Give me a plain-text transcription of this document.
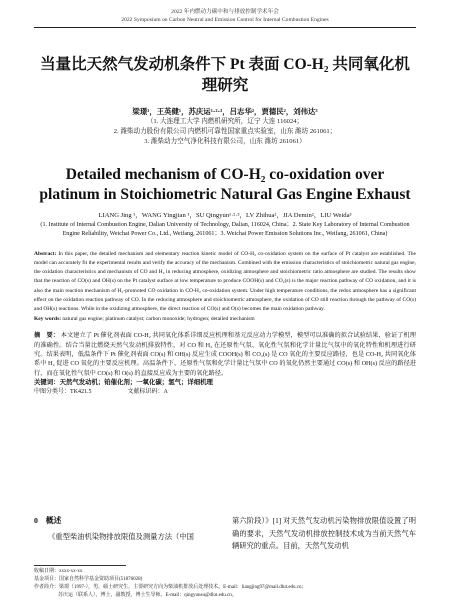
2022 年内燃动力碳中和与排放控制学术年会
2022 Symposium on Carbon Neutral and Emission Control for Internal Combustion Engines
当量比天然气发动机条件下 Pt 表面 CO-H₂ 共同氧化机理研究
梁璟¹，王英健¹，苏庆运¹·²·³，吕志华²，贾德民²，刘伟达³
（1. 大连理工大学 内燃机研究所，辽宁 大连 116024；
2. 潍柴动力股份有限公司 内燃机可靠性国家重点实验室，山东 潍坊 261061；
3. 潍柴动力空气净化科技有限公司，山东 潍坊 261061）
Detailed mechanism of CO-H₂ co-oxidation over platinum in Stoichiometric Natural Gas Engine Exhaust
LIANG Jing ¹，WANG Yingjian ¹，SU Qingyun¹·²·³，LV Zhihua²，JIA Demin²，LIU Weida³
(1. Institute of Internal Combustion Engine, Dalian University of Technology, Dalian, 116024, China；2. State Key Laboratory of Internal Combustion Engine Reliability, Weichai Power Co., Ltd., Weifang, 261061；3. Weichai Power Emission Solutions Inc., Weifang, 261061, China)
Abstract: In this paper, the detailed mechanism and elementary reaction kinetic model of CO-H₂ co-oxidation system on the surface of Pt catalyst are established. The model can accurately fit the experimental results and verify the accuracy of the mechanism. Combined with the emission characteristics of stoichiometric natural gas engine, the oxidation characteristics and mechanism of CO and H₂ in reducing atmosphere, oxidizing atmosphere and stoichiometric ratio atmosphere are studied. The results show that the reaction of CO(s) and OH(s) on the Pt catalyst surface at low temperature to produce COOH(s) and CO₂(s) is the major reaction pathway of CO oxidation, and it is also the main reaction mechanism of H₂-promoted CO oxidation in CO-H₂ co-oxidation system. Under high temperature conditions, the redox atmosphere has a significant effect on the oxidation reaction pathway of CO. In the reducing atmosphere and stoichiometric atmosphere, the oxidation of CO still reaction through the pathway of CO(s) and OH(s) reactions. While in the oxidizing atmosphere, the direct reaction of CO(s) and O(s) becomes the main oxidation pathway.
Key words: natural gas engine; platinum catalyst; carbon monoxide; hydrogen; detailed mechanism
摘　要： 本文建立了 Pt 催化剂表面 CO-H₂ 共同氧化体系详细反应机理和基元反应动力学模型，模型可以准确的拟合试验结果，验证了机理的准确性。结合当量比燃烧天然气发动机排放特性，对 CO 和 H₂ 在还原性气氛、氧化性气氛和化学计量比气氛中的氧化特性和机理进行研究。结果表明，低温条件下 Pt 催化剂表面 CO(s) 和 OH(s) 反应生成 COOH(s) 和 CO₂(s) 是 CO 氧化的主要反应路径，也是 CO-H₂ 共同氧化体系中 H₂ 促进 CO 氧化的主要反应机理。高温条件下，还原性气氛和化学计量比气氛中 CO 的氧化仍然主要通过 CO(s) 和 OH(s) 反应的路径进行，而在氧化性气氛中 CO(s) 和 O(s) 的直接反应成为主要的氧化路径。
关键词：天然气发动机；铂催化剂；一氧化碳；氢气；详细机理
中图分类号：TK421.5	文献标识码：A
0　概述
《重型柴油机染物排放限值及测量方法（中国
第六阶段）》[1] 对天然气发动机污染物排放限值设置了明确的要求，天然气发动机排放控制技术成为当前天然气车辆研究的重点。目前，天然气发动机
收稿日期：xxxx-xx-xx
基金项目：国家自然科学基金资助项目(51876028)
作者简介：梁璟（1997-），男，硕士研究生，主要研究方向为柴油机排放后处理技术。E-mail：liangjing97@mail.dlut.edu.cn；
苏庆运（联系人），博士，副教授，博士生导师。E-mail：qingyunsu@dlut.edu.cn。
